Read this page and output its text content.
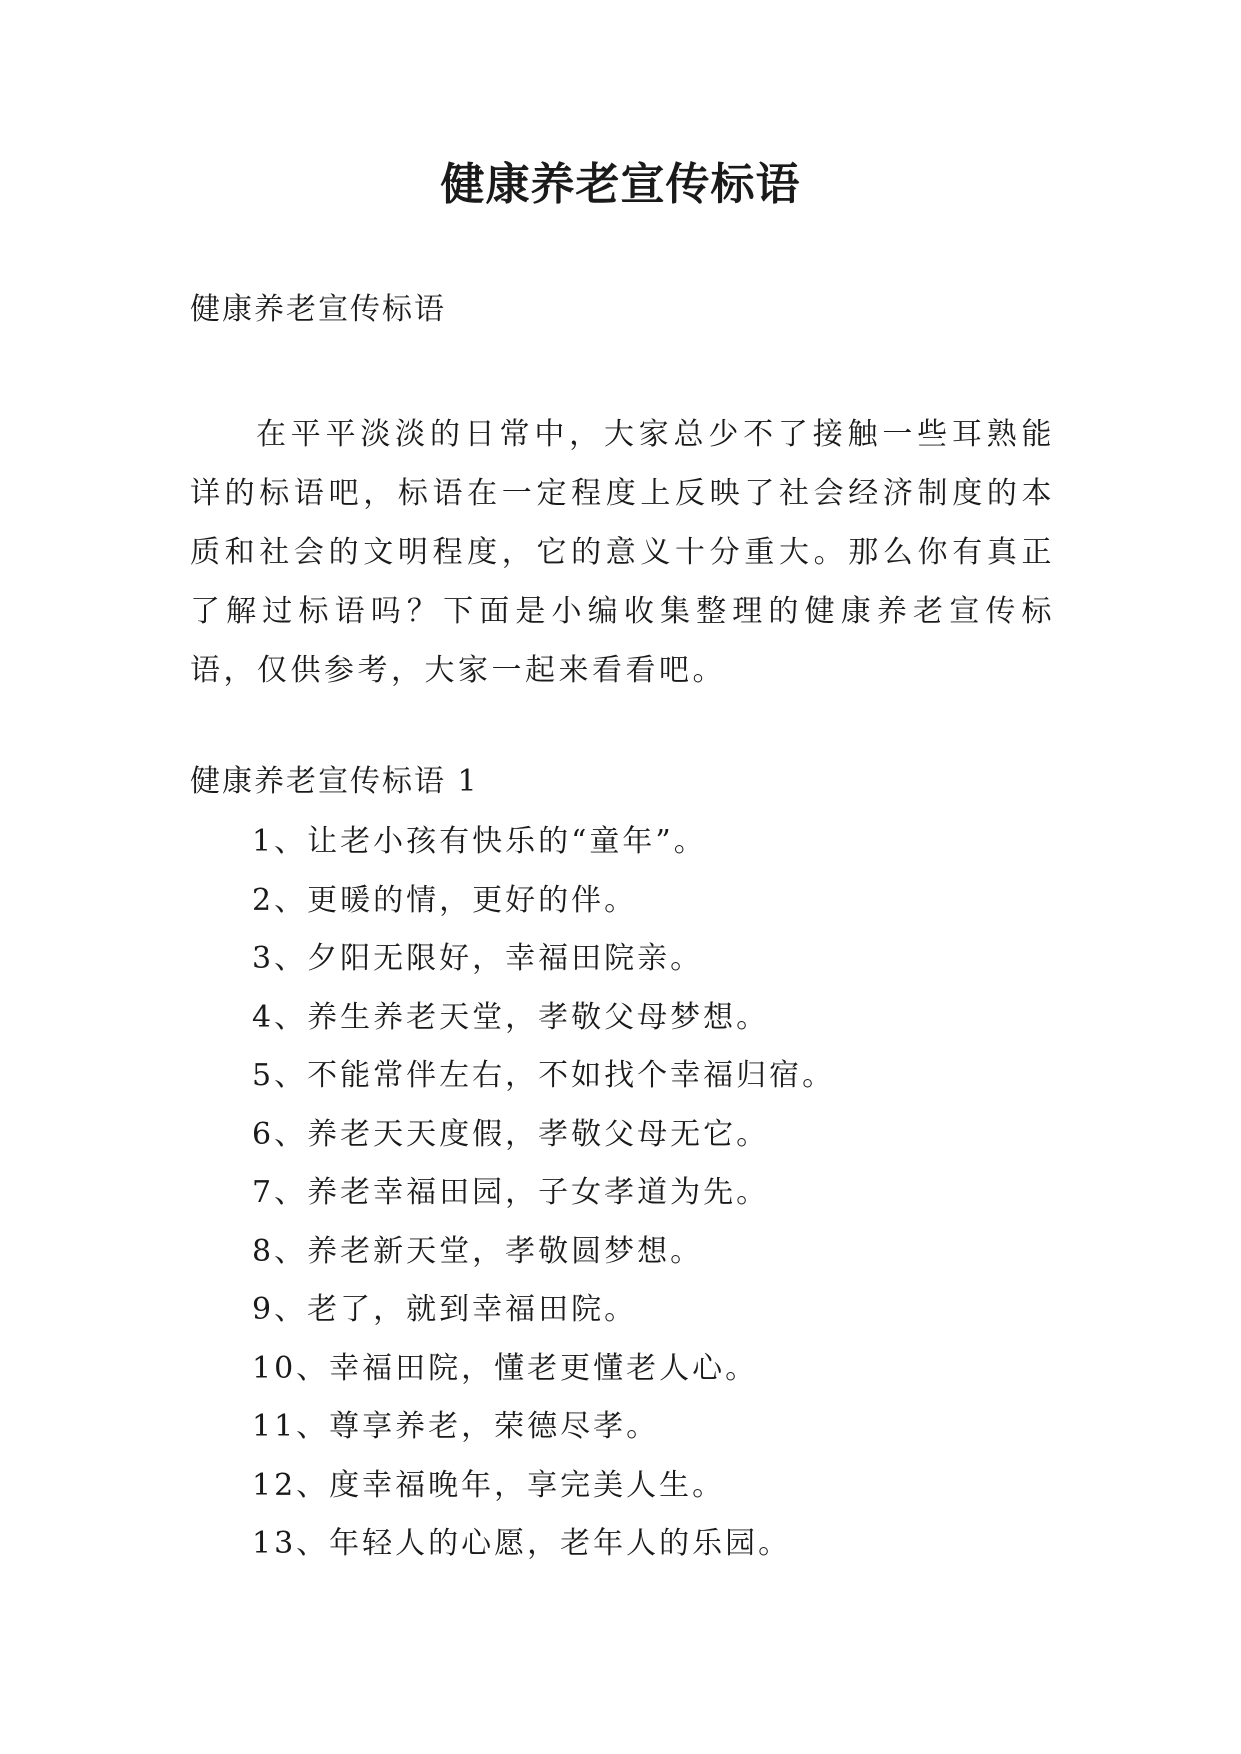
健康养老宣传标语
健康养老宣传标语
在平平淡淡的日常中，大家总少不了接触一些耳熟能详的标语吧，标语在一定程度上反映了社会经济制度的本质和社会的文明程度，它的意义十分重大。那么你有真正了解过标语吗？下面是小编收集整理的健康养老宣传标语，仅供参考，大家一起来看看吧。
健康养老宣传标语 1
1、让老小孩有快乐的“童年”。
2、更暖的情，更好的伴。
3、夕阳无限好，幸福田院亲。
4、养生养老天堂，孝敬父母梦想。
5、不能常伴左右，不如找个幸福归宿。
6、养老天天度假，孝敬父母无它。
7、养老幸福田园，子女孝道为先。
8、养老新天堂，孝敬圆梦想。
9、老了，就到幸福田院。
10、幸福田院，懂老更懂老人心。
11、尊享养老，荣德尽孝。
12、度幸福晚年，享完美人生。
13、年轻人的心愿，老年人的乐园。
